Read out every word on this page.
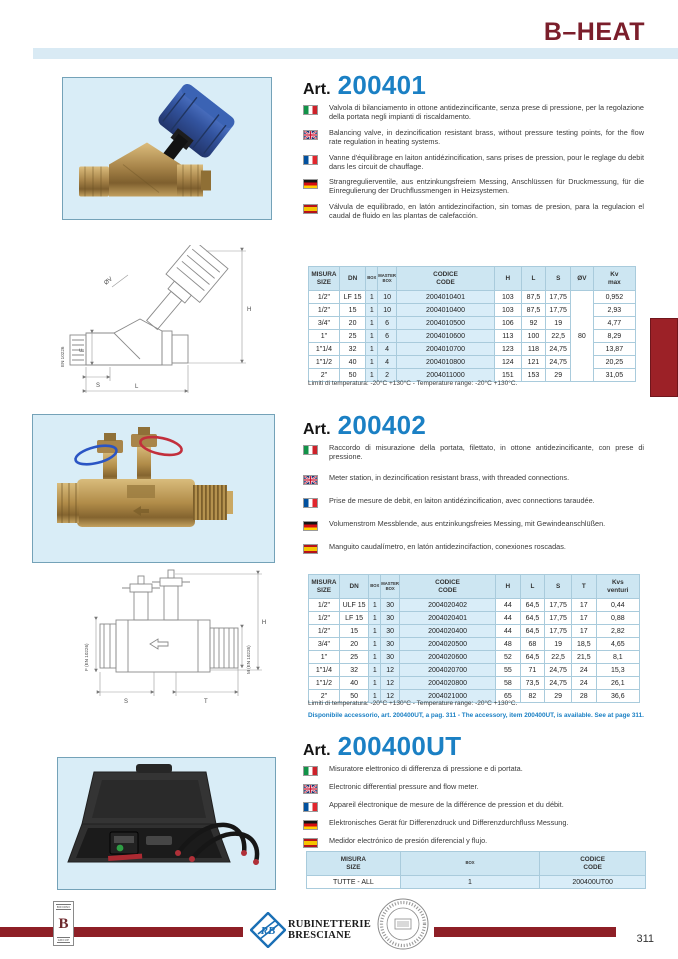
B–HEAT
Art. 200401

Valvola di bilanciamento in ottone antidezincificante, senza prese di pressione, per la regolazione della portata negli impianti di riscaldamento.

Balancing valve, in dezincification resistant brass, without pressure testing points, for the flow rate regulation in heating systems.

Vanne d'équilibrage en laiton antidézincification, sans prises de pression, pour le reglage du debit dans les circuit de chauffage.

Strangregulierventile, aus entzinkungsfreiem Messing, Anschlüssen für Druckmessung, für die Einregulierung der Druchflussmengen in Heizsystemen.

Válvula de equilibrado, en latón antidezincifaction, sin tomas de presion, para la regulacion el caudal de fluido en las plantas de calefacción.

ØV
H
F
EN 10226
S	L
MISURA
SIZE

DN	BOX	MASTER
BOX

CODICE
CODE

H	L	S	ØV

Kv
max

1/2"	LF 15	1	10	2004010401	103	87,5	17,75	80	0,952
1/2"	15	1	10	2004010400	103	87,5	17,75		2,93
3/4"	20	1	6	2004010500	106	92	19		4,77
1"	25	1	6	2004010600	113	100	22,5		8,29
1"1/4	32	1	4	2004010700	123	118	24,75		13,87
1"1/2	40	1	4	2004010800	124	121	24,75		20,25
2"	50	1	2	2004011000	151	153	29		31,05
Limiti di temperatura: -20°C +130°C - Temperature range: -20°C +130°C.
Art. 200402

Raccordo di misurazione della portata, filettato, in ottone antidezincificante, con prese di pressione.

Meter station, in dezincification resistant brass, with threaded connections.

Prise de mesure de debit, en laiton antidézincification, avec connections taraudée.

Volumenstrom Messblende, aus entzinkungsfreies Messing, mit Gewindeanschlüßen.

Manguito caudalímetro, en latón antidezincifaction, conexiones roscadas.

H
F (EN 10226)	M (EN 10226)
S	T
MISURA
SIZE

DN	BOX	MASTER
BOX

CODICE
CODE

H	L	S	T

Kvs
venturi

1/2"	ULF 15	1	30	2004020402	44	64,5	17,75	17	0,44
1/2"	LF 15	1	30	2004020401	44	64,5	17,75	17	0,88
1/2"	15	1	30	2004020400	44	64,5	17,75	17	2,82
3/4"	20	1	30	2004020500	48	68	19	18,5	4,65
1"	25	1	30	2004020600	52	64,5	22,5	21,5	8,1
1"1/4	32	1	12	2004020700	55	71	24,75	24	15,3
1"1/2	40	1	12	2004020800	58	73,5	24,75	24	26,1
2"	50	1	12	2004021000	65	82	29	28	36,6
Limiti di temperatura: -20°C +130°C - Temperature range: -20°C +130°C.
Disponibile accessorio, art. 200400UT, a pag. 311 - The accessory, item 200400UT, is available. See at page 311.
Art. 200400UT

Misuratore elettronico di differenza di pressione e di portata.

Electronic differential pressure and flow meter.

Appareil électronique de mesure de la différence de pression et du débit.

Elektronisches Gerät für Differenzdruck und Differenzdurchfluss Messung.

Medidor electrónico de presión diferencial y flujo.

MISURA
SIZE

BOX	CODICE
CODE

TUTTE - ALL	1	200400UT00
BONOMI
B
GROUP
RB
RUBINETTERIE
BRESCIANE	311
